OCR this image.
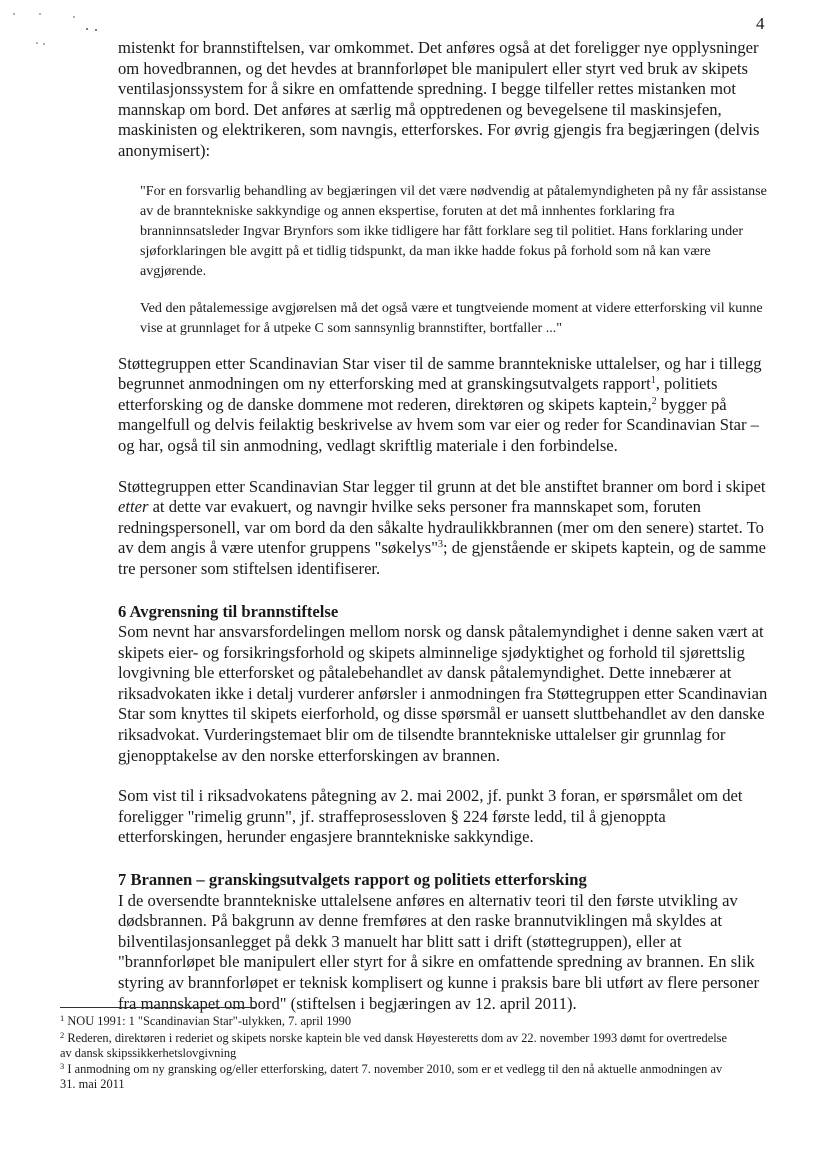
4

mistenkt for brannstiftelsen, var omkommet. Det anføres også at det foreligger nye opplysninger om hovedbrannen, og det hevdes at brannforløpet ble manipulert eller styrt ved bruk av skipets ventilasjonssystem for å sikre en omfattende spredning. I begge tilfeller rettes mistanken mot mannskap om bord. Det anføres at særlig må opptredenen og bevegelsene til maskinsjefen, maskinisten og elektrikeren, som navngis, etterforskes. For øvrig gjengis fra begjæringen (delvis anonymisert):

"For en forsvarlig behandling av begjæringen vil det være nødvendig at påtalemyndigheten på ny får assistanse av de branntekniske sakkyndige og annen ekspertise, foruten at det må innhentes forklaring fra branninnsatsleder Ingvar Brynfors som ikke tidligere har fått forklare seg til politiet. Hans forklaring under sjøforklaringen ble avgitt på et tidlig tidspunkt, da man ikke hadde fokus på forhold som nå kan være avgjørende.

Ved den påtalemessige avgjørelsen må det også være et tungtveiende moment at videre etterforsking vil kunne vise at grunnlaget for å utpeke C som sannsynlig brannstifter, bortfaller ..."

Støttegruppen etter Scandinavian Star viser til de samme branntekniske uttalelser, og har i tillegg begrunnet anmodningen om ny etterforsking med at granskingsutvalgets rapport$^1$, politiets etterforsking og de danske dommene mot rederen, direktøren og skipets kaptein,$^2$ bygger på mangelfull og delvis feilaktig beskrivelse av hvem som var eier og reder for Scandinavian Star – og har, også til sin anmodning, vedlagt skriftlig materiale i den forbindelse.

Støttegruppen etter Scandinavian Star legger til grunn at det ble anstiftet branner om bord i skipet etter at dette var evakuert, og navngir hvilke seks personer fra mannskapet som, foruten redningspersonell, var om bord da den såkalte hydraulikkbrannen (mer om den senere) startet. To av dem angis å være utenfor gruppens "søkelys"$^3$; de gjenstående er skipets kaptein, og de samme tre personer som stiftelsen identifiserer.

6 Avgrensning til brannstiftelse

Som nevnt har ansvarsfordelingen mellom norsk og dansk påtalemyndighet i denne saken vært at skipets eier- og forsikringsforhold og skipets alminnelige sjødyktighet og forhold til sjørettslig lovgivning ble etterforsket og påtalebehandlet av dansk påtalemyndighet. Dette innebærer at riksadvokaten ikke i detalj vurderer anførsler i anmodningen fra Støttegruppen etter Scandinavian Star som knyttes til skipets eierforhold, og disse spørsmål er uansett sluttbehandlet av den danske riksadvokat. Vurderingstemaet blir om de tilsendte branntekniske uttalelser gir grunnlag for gjenopptakelse av den norske etterforskingen av brannen.

Som vist til i riksadvokatens påtegning av 2. mai 2002, jf. punkt 3 foran, er spørsmålet om det foreligger "rimelig grunn", jf. straffeprosessloven § 224 første ledd, til å gjenoppta etterforskingen, herunder engasjere branntekniske sakkyndige.

7 Brannen – granskingsutvalgets rapport og politiets etterforsking

I de oversendte branntekniske uttalelsene anføres en alternativ teori til den første utvikling av dødsbrannen. På bakgrunn av denne fremføres at den raske brannutviklingen må skyldes at bilventilasjonsanlegget på dekk 3 manuelt har blitt satt i drift (støttegruppen), eller at "brannforløpet ble manipulert eller styrt for å sikre en omfattende spredning av brannen. En slik styring av brannforløpet er teknisk komplisert og kunne i praksis bare bli utført av flere personer fra mannskapet om bord" (stiftelsen i begjæringen av 12. april 2011).

$^1$ NOU 1991: 1 "Scandinavian Star"-ulykken, 7. april 1990

$^2$ Rederen, direktøren i rederiet og skipets norske kaptein ble ved dansk Høyesteretts dom av 22. november 1993 dømt for overtredelse av dansk skipssikkerhetslovgivning

$^3$ I anmodning om ny gransking og/eller etterforsking, datert 7. november 2010, som er et vedlegg til den nå aktuelle anmodningen av 31. mai 2011
